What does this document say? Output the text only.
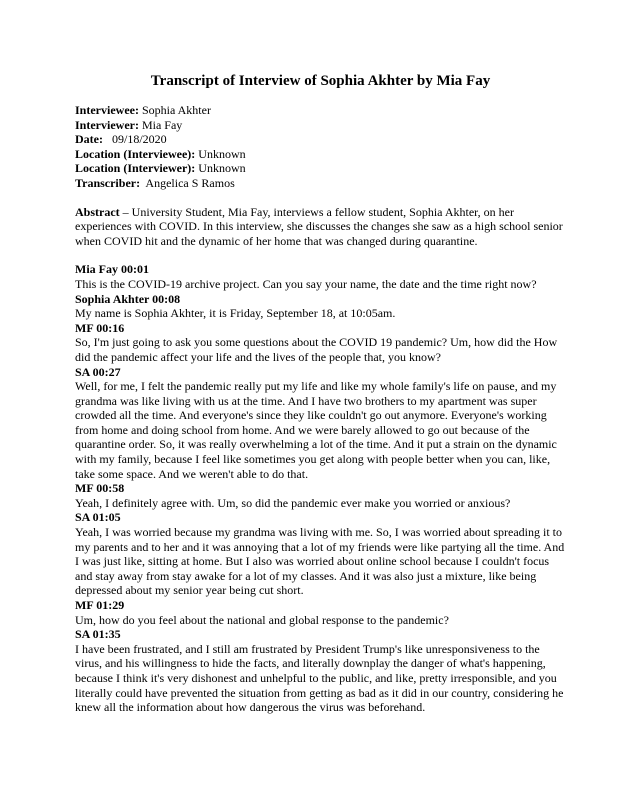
Transcript of Interview of Sophia Akhter by Mia Fay

Interviewee: Sophia Akhter

Interviewer: Mia Fay

Date:   09/18/2020

Location (Interviewee): Unknown

Location (Interviewer): Unknown

Transcriber:  Angelica S Ramos

Abstract – University Student, Mia Fay, interviews a fellow student, Sophia Akhter, on her experiences with COVID. In this interview, she discusses the changes she saw as a high school senior when COVID hit and the dynamic of her home that was changed during quarantine.

Mia Fay 00:01

This is the COVID-19 archive project. Can you say your name, the date and the time right now?

Sophia Akhter 00:08

My name is Sophia Akhter, it is Friday, September 18, at 10:05am.

MF 00:16

So, I'm just going to ask you some questions about the COVID 19 pandemic? Um, how did the How did the pandemic affect your life and the lives of the people that, you know?

SA 00:27

Well, for me, I felt the pandemic really put my life and like my whole family's life on pause, and my grandma was like living with us at the time. And I have two brothers to my apartment was super crowded all the time. And everyone's since they like couldn't go out anymore. Everyone's working from home and doing school from home. And we were barely allowed to go out because of the quarantine order. So, it was really overwhelming a lot of the time. And it put a strain on the dynamic with my family, because I feel like sometimes you get along with people better when you can, like, take some space. And we weren't able to do that.

MF 00:58

Yeah, I definitely agree with. Um, so did the pandemic ever make you worried or anxious?

SA 01:05

Yeah, I was worried because my grandma was living with me. So, I was worried about spreading it to my parents and to her and it was annoying that a lot of my friends were like partying all the time. And I was just like, sitting at home. But I also was worried about online school because I couldn't focus and stay away from stay awake for a lot of my classes. And it was also just a mixture, like being depressed about my senior year being cut short.

MF 01:29

Um, how do you feel about the national and global response to the pandemic?

SA 01:35

I have been frustrated, and I still am frustrated by President Trump's like unresponsiveness to the virus, and his willingness to hide the facts, and literally downplay the danger of what's happening, because I think it's very dishonest and unhelpful to the public, and like, pretty irresponsible, and you literally could have prevented the situation from getting as bad as it did in our country, considering he knew all the information about how dangerous the virus was beforehand.
